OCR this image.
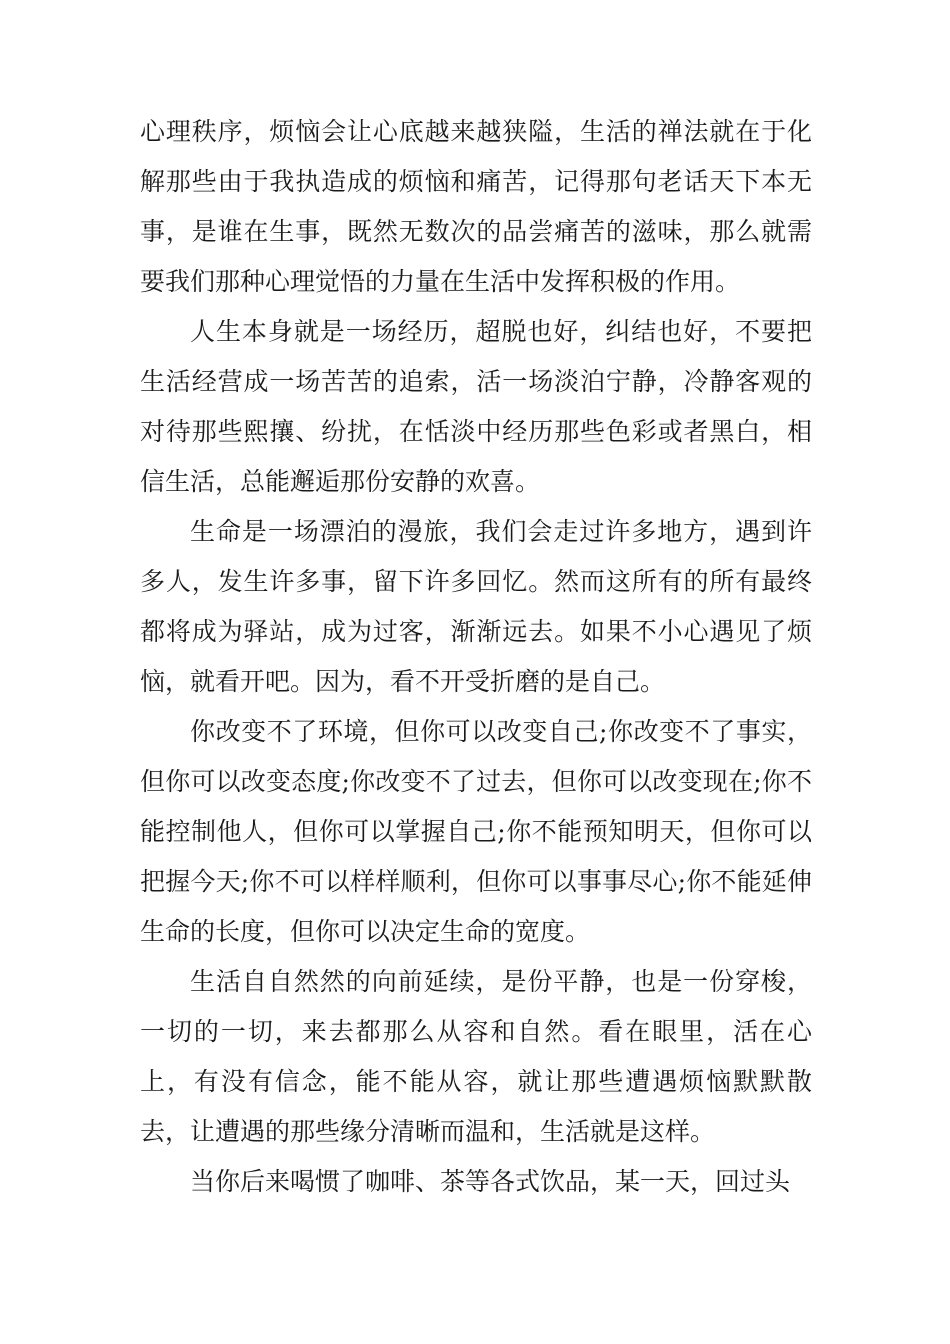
心理秩序，烦恼会让心底越来越狭隘，生活的禅法就在于化解那些由于我执造成的烦恼和痛苦，记得那句老话天下本无事，是谁在生事，既然无数次的品尝痛苦的滋味，那么就需要我们那种心理觉悟的力量在生活中发挥积极的作用。

人生本身就是一场经历，超脱也好，纠结也好，不要把生活经营成一场苦苦的追索，活一场淡泊宁静，冷静客观的对待那些熙攘、纷扰，在恬淡中经历那些色彩或者黑白，相信生活，总能邂逅那份安静的欢喜。

生命是一场漂泊的漫旅，我们会走过许多地方，遇到许多人，发生许多事，留下许多回忆。然而这所有的所有最终都将成为驿站，成为过客，渐渐远去。如果不小心遇见了烦恼，就看开吧。因为，看不开受折磨的是自己。

你改变不了环境，但你可以改变自己;你改变不了事实，但你可以改变态度;你改变不了过去，但你可以改变现在;你不能控制他人，但你可以掌握自己;你不能预知明天，但你可以把握今天;你不可以样样顺利，但你可以事事尽心;你不能延伸生命的长度，但你可以决定生命的宽度。

生活自自然然的向前延续，是份平静，也是一份穿梭，一切的一切，来去都那么从容和自然。看在眼里，活在心上，有没有信念，能不能从容，就让那些遭遇烦恼默默散去，让遭遇的那些缘分清晰而温和，生活就是这样。

当你后来喝惯了咖啡、茶等各式饮品，某一天，回过头
